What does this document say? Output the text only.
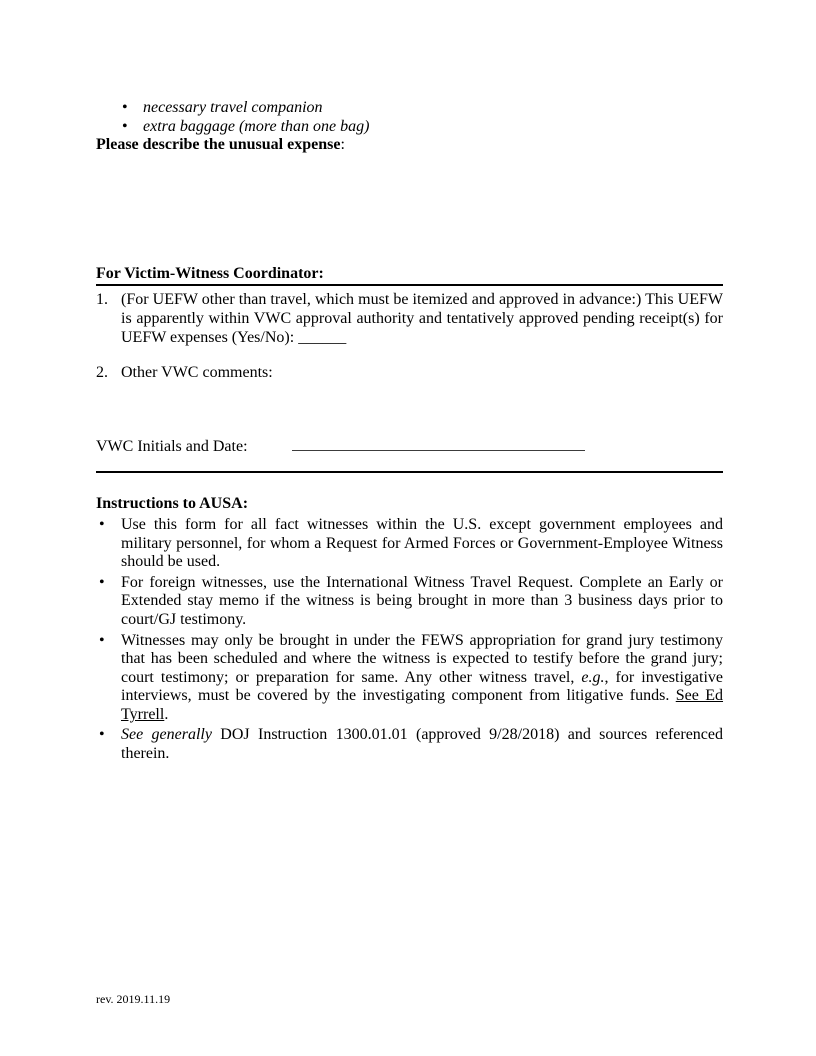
• necessary travel companion
• extra baggage (more than one bag)
Please describe the unusual expense:
For Victim-Witness Coordinator:
1. (For UEFW other than travel, which must be itemized and approved in advance:) This UEFW is apparently within VWC approval authority and tentatively approved pending receipt(s) for UEFW expenses (Yes/No): ______
2. Other VWC comments:
VWC Initials and Date:
Instructions to AUSA:
•	Use this form for all fact witnesses within the U.S. except government employees and military personnel, for whom a Request for Armed Forces or Government-Employee Witness should be used.
•	For foreign witnesses, use the International Witness Travel Request. Complete an Early or Extended stay memo if the witness is being brought in more than 3 business days prior to court/GJ testimony.
•	Witnesses may only be brought in under the FEWS appropriation for grand jury testimony that has been scheduled and where the witness is expected to testify before the grand jury; court testimony; or preparation for same. Any other witness travel, e.g., for investigative interviews, must be covered by the investigating component from litigative funds. See Ed Tyrrell.
•	See generally DOJ Instruction 1300.01.01 (approved 9/28/2018) and sources referenced therein.
rev. 2019.11.19
